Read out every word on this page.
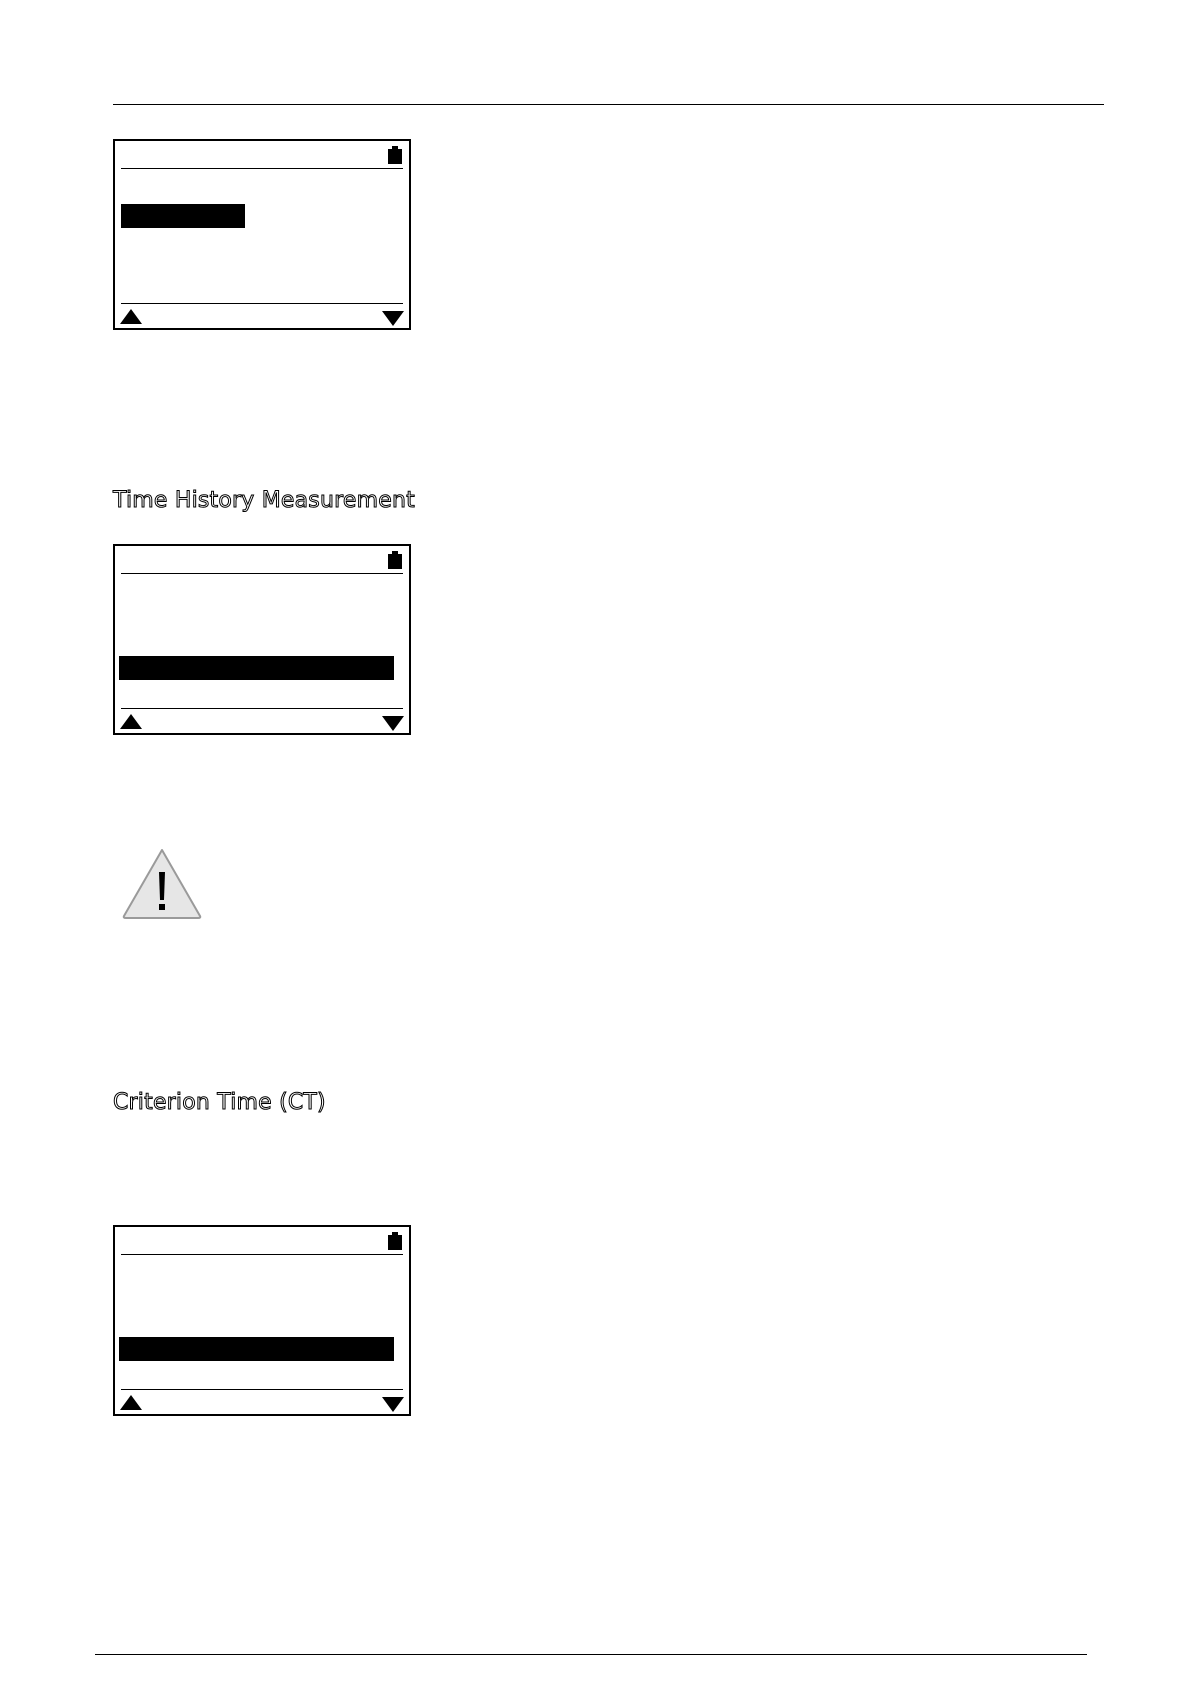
Time History Measurement
Criterion Time (CT)
